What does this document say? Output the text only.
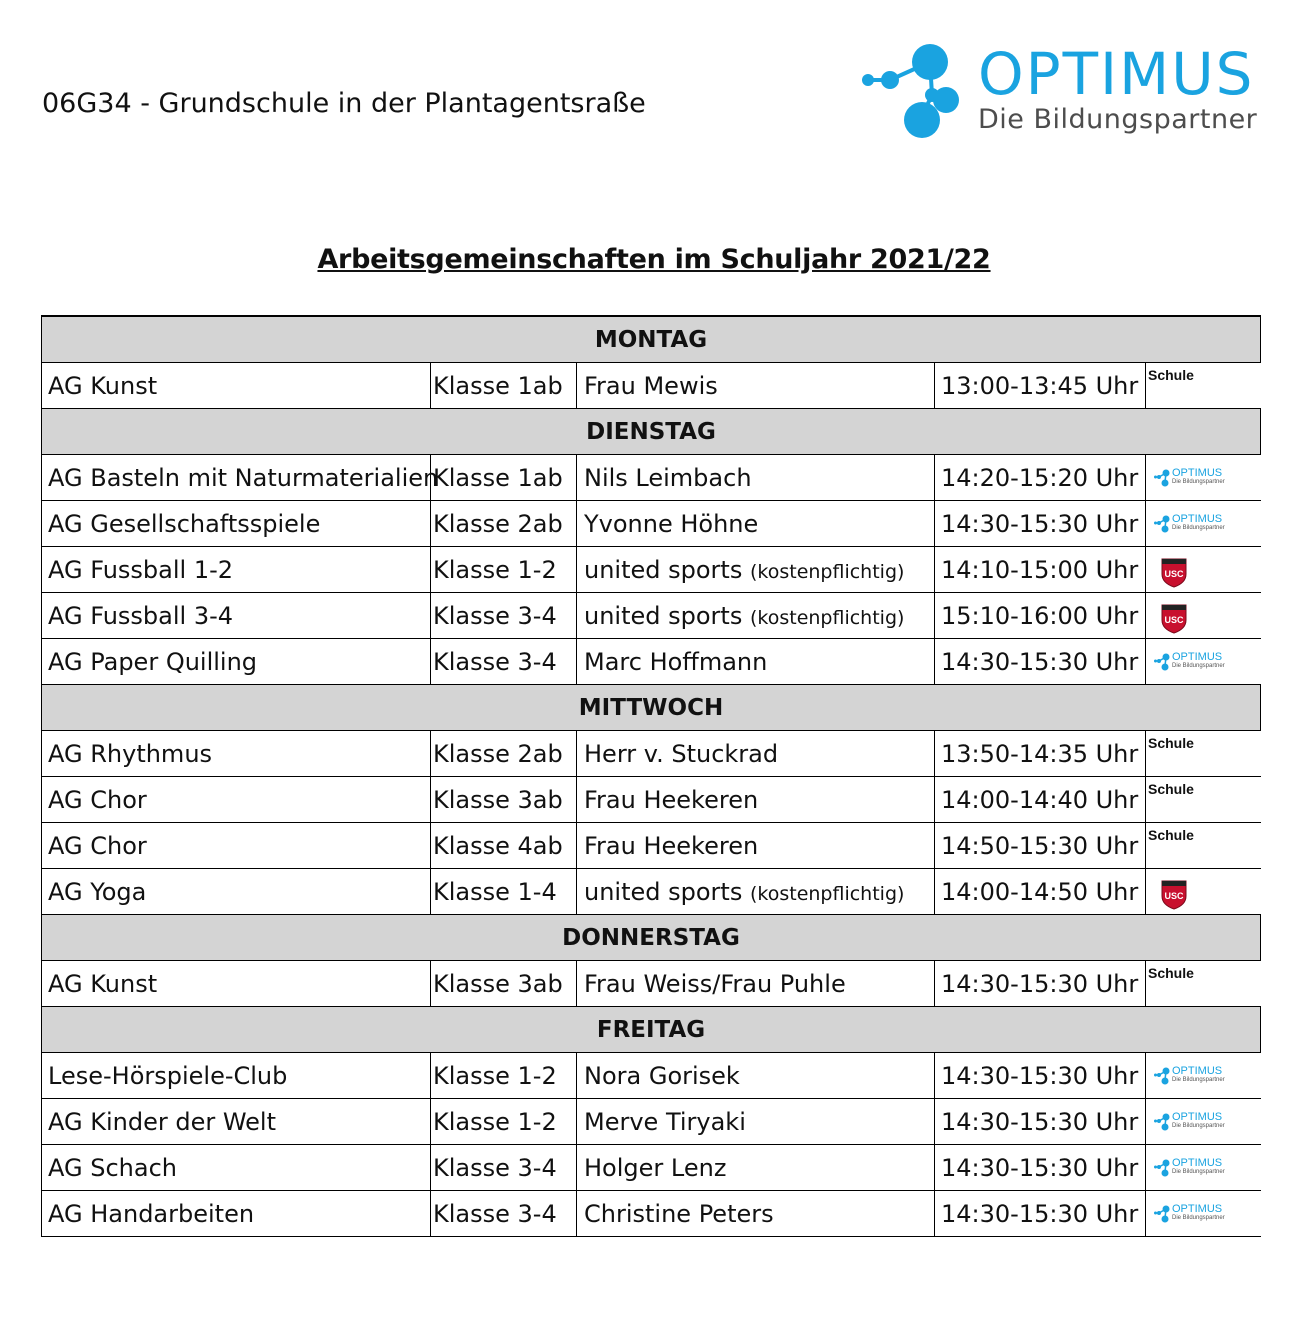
06G34 - Grundschule in der Plantagentsraße	OPTIMUS
Die Bildungspartner
Arbeitsgemeinschaften im Schuljahr 2021/22
MONTAG				
AG Kunst	Klasse 1ab	Frau Mewis	13:00-13:45 Uhr	Schule

DIENSTAG				
AG Basteln mit Naturmaterialien	Klasse 1ab	Nils Leimbach	14:20-15:20 Uhr	OPTIMUS
Die Bildungspartner

AG Gesellschaftsspiele	Klasse 2ab	Yvonne Höhne	14:30-15:30 Uhr	OPTIMUS
Die Bildungspartner

AG Fussball 1-2	Klasse 1-2	united sports (kostenpflichtig)	14:10-15:00 Uhr	USC

AG Fussball 3-4	Klasse 3-4	united sports (kostenpflichtig)	15:10-16:00 Uhr	USC

AG Paper Quilling	Klasse 3-4	Marc Hoffmann	14:30-15:30 Uhr	OPTIMUS
Die Bildungspartner

MITTWOCH				
AG Rhythmus	Klasse 2ab	Herr v. Stuckrad	13:50-14:35 Uhr	Schule

AG Chor	Klasse 3ab	Frau Heekeren	14:00-14:40 Uhr	Schule

AG Chor	Klasse 4ab	Frau Heekeren	14:50-15:30 Uhr	Schule

AG Yoga	Klasse 1-4	united sports (kostenpflichtig)	14:00-14:50 Uhr	USC

DONNERSTAG				
AG Kunst	Klasse 3ab	Frau Weiss/Frau Puhle	14:30-15:30 Uhr	Schule

FREITAG				
Lese-Hörspiele-Club	Klasse 1-2	Nora Gorisek	14:30-15:30 Uhr	OPTIMUS
Die Bildungspartner

AG Kinder der Welt	Klasse 1-2	Merve Tiryaki	14:30-15:30 Uhr	OPTIMUS
Die Bildungspartner

AG Schach	Klasse 3-4	Holger Lenz	14:30-15:30 Uhr	OPTIMUS
Die Bildungspartner

AG Handarbeiten	Klasse 3-4	Christine Peters	14:30-15:30 Uhr	OPTIMUS
Die Bildungspartner
